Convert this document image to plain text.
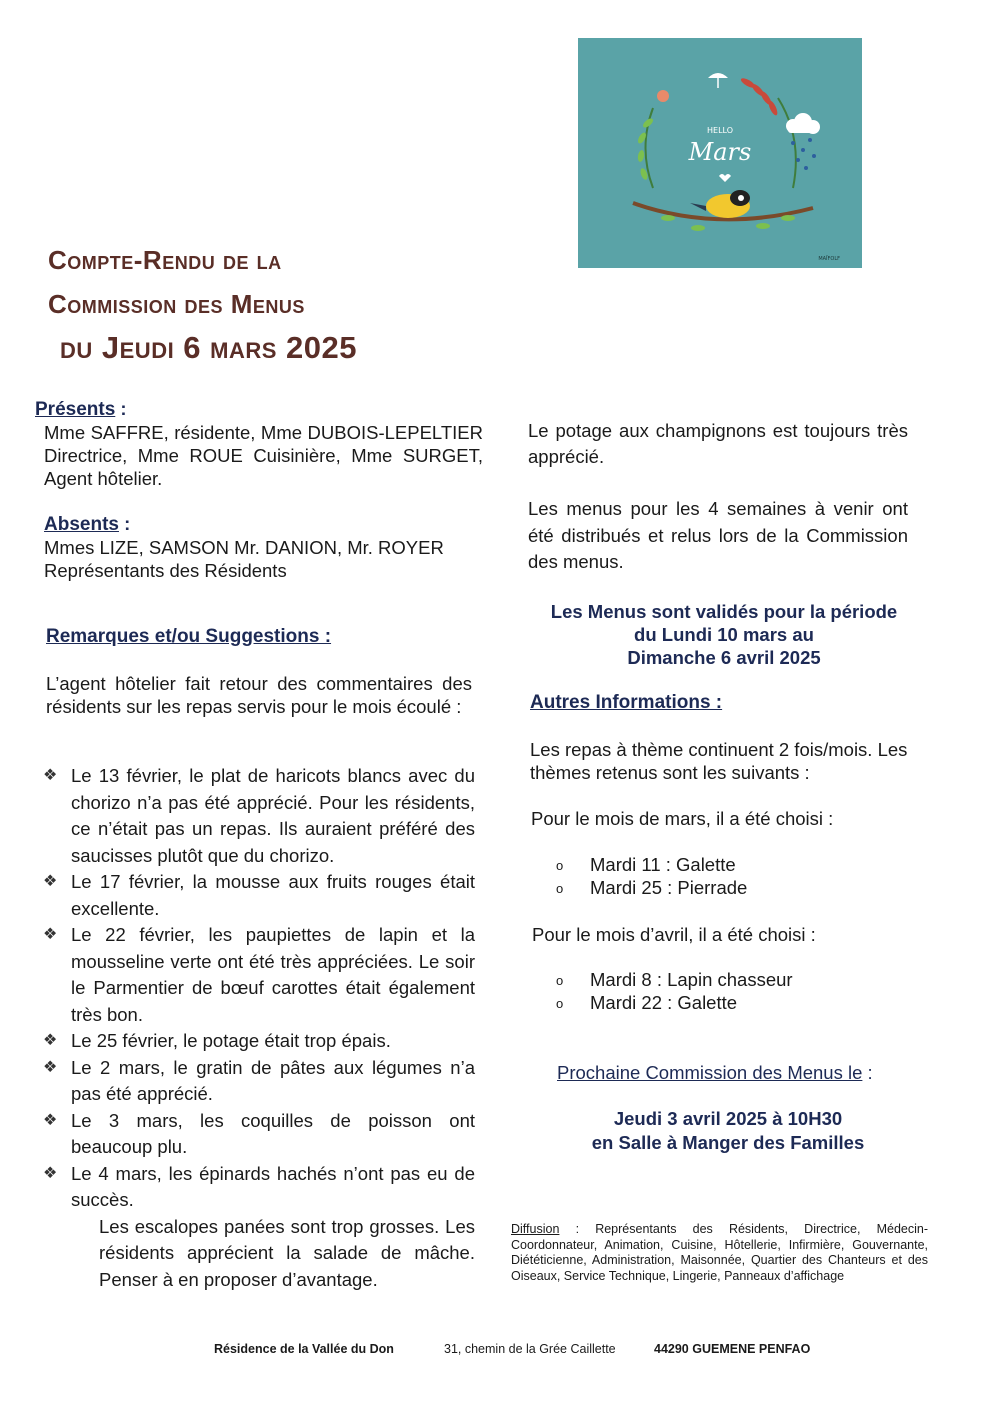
Compte-Rendu de la
Commission des Menus
du Jeudi 6 mars 2025
HELLO
Mars
MAÏFOLF
Présents :
Mme SAFFRE, résidente, Mme DUBOIS-LEPELTIER Directrice, Mme ROUE Cuisinière, Mme SURGET, Agent hôtelier.
Absents :
Mmes LIZE, SAMSON Mr. DANION, Mr. ROYER Représentants des Résidents
Remarques et/ou Suggestions :
L’agent hôtelier fait retour des commentaires des résidents sur les repas servis pour le mois écoulé :
❖ Le 13 février, le plat de haricots blancs avec du chorizo n’a pas été apprécié. Pour les résidents, ce n’était pas un repas. Ils auraient préféré des saucisses plutôt que du chorizo.
❖ Le 17 février, la mousse aux fruits rouges était excellente.
❖ Le 22 février, les paupiettes de lapin et la mousseline verte ont été très appréciées. Le soir le Parmentier de bœuf carottes était également très bon.
❖ Le 25 février, le potage était trop épais.
❖ Le 2 mars, le gratin de pâtes aux légumes n’a pas été apprécié.
❖ Le 3 mars, les coquilles de poisson ont beaucoup plu.
❖ Le 4 mars, les épinards hachés n’ont pas eu de succès.
Les escalopes panées sont trop grosses. Les résidents apprécient la salade de mâche. Penser à en proposer d’avantage.
Le potage aux champignons est toujours très apprécié.
Les menus pour les 4 semaines à venir ont été distribués et relus lors de la Commission des menus.
Les Menus sont validés pour la période
du Lundi 10 mars au
Dimanche 6 avril 2025
Autres Informations :
Les repas à thème continuent 2 fois/mois. Les thèmes retenus sont les suivants :
Pour le mois de mars, il a été choisi :
o Mardi 11 : Galette
o Mardi 25 : Pierrade
Pour le mois d’avril, il a été choisi :
o Mardi 8 : Lapin chasseur
o Mardi 22 : Galette
Prochaine Commission des Menus le :
Jeudi 3 avril 2025 à 10H30
en Salle à Manger des Familles
Diffusion : Représentants des Résidents, Directrice, Médecin-Coordonnateur, Animation, Cuisine, Hôtellerie, Infirmière, Gouvernante, Diététicienne, Administration, Maisonnée, Quartier des Chanteurs et des Oiseaux, Service Technique, Lingerie, Panneaux d’affichage
Résidence de la Vallée du Don	31, chemin de la Grée Caillette	44290 GUEMENE PENFAO
